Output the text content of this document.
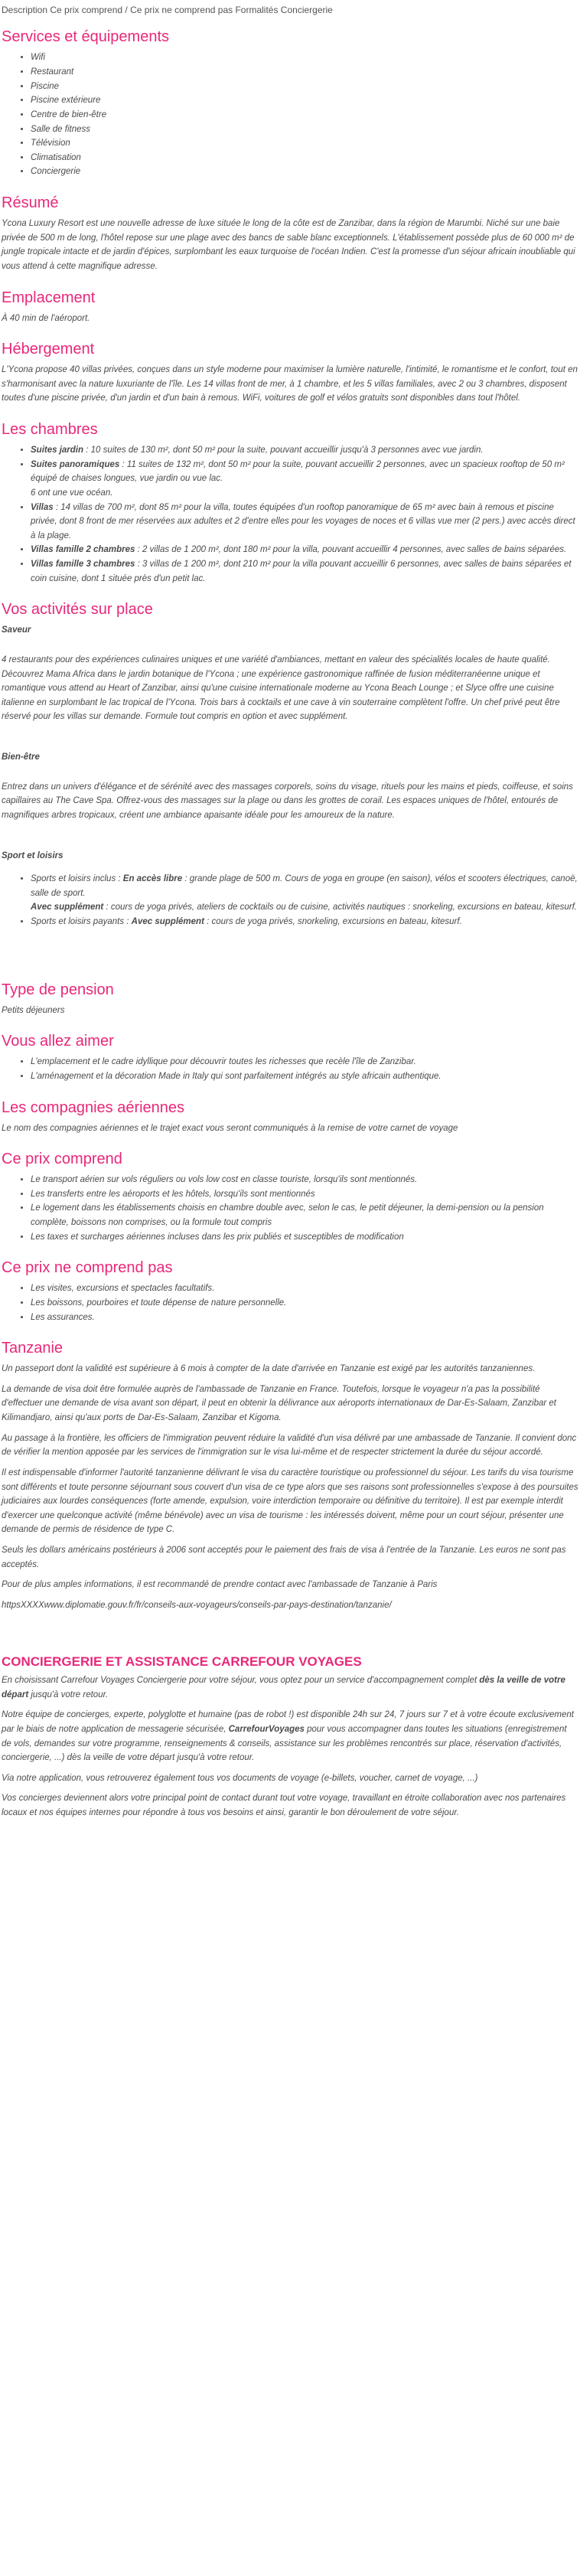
Description Ce prix comprend / Ce prix ne comprend pas Formalités Conciergerie
Services et équipements
• Wifi
• Restaurant
• Piscine
• Piscine extérieure
• Centre de bien-être
• Salle de fitness
• Télévision
• Climatisation
• Conciergerie
Résumé

Ycona Luxury Resort est une nouvelle adresse de luxe située le long de la côte est de Zanzibar, dans la région de Marumbi. Niché sur une baie privée de 500 m de long, l'hôtel repose sur une plage avec des bancs de sable blanc exceptionnels. L'établissement possède plus de 60 000 m² de jungle tropicale intacte et de jardin d'épices, surplombant les eaux turquoise de l'océan Indien. C'est la promesse d'un séjour africain inoubliable qui vous attend à cette magnifique adresse.

Emplacement

À 40 min de l'aéroport.

Hébergement

L'Ycona propose 40 villas privées, conçues dans un style moderne pour maximiser la lumière naturelle, l'intimité, le romantisme et le confort, tout en s'harmonisant avec la nature luxuriante de l'île. Les 14 villas front de mer, à 1 chambre, et les 5 villas familiales, avec 2 ou 3 chambres, disposent toutes d'une piscine privée, d'un jardin et d'un bain à remous. WiFi, voitures de golf et vélos gratuits sont disponibles dans tout l'hôtel.

Les chambres
• Suites jardin : 10 suites de 130 m², dont 50 m² pour la suite, pouvant accueillir jusqu'à 3 personnes avec vue jardin.
• Suites panoramiques : 11 suites de 132 m², dont 50 m² pour la suite, pouvant accueillir 2 personnes, avec un spacieux rooftop de 50 m² équipé de chaises longues, vue jardin ou vue lac.
6 ont une vue océan.
• Villas : 14 villas de 700 m², dont 85 m² pour la villa, toutes équipées d'un rooftop panoramique de 65 m² avec bain à remous et piscine privée, dont 8 front de mer réservées aux adultes et 2 d'entre elles pour les voyages de noces et 6 villas vue mer (2 pers.) avec accès direct à la plage.
• Villas famille 2 chambres : 2 villas de 1 200 m², dont 180 m² pour la villa, pouvant accueillir 4 personnes, avec salles de bains séparées.
• Villas famille 3 chambres : 3 villas de 1 200 m², dont 210 m² pour la villa pouvant accueillir 6 personnes, avec salles de bains séparées et coin cuisine, dont 1 située près d'un petit lac.
Vos activités sur place
Saveur

4 restaurants pour des expériences culinaires uniques et une variété d'ambiances, mettant en valeur des spécialités locales de haute qualité. Découvrez Mama Africa dans le jardin botanique de l'Ycona ; une expérience gastronomique raffinée de fusion méditerranéenne unique et romantique vous attend au Heart of Zanzibar, ainsi qu'une cuisine internationale moderne au Ycona Beach Lounge ; et Slyce offre une cuisine italienne en surplombant le lac tropical de l'Ycona. Trois bars à cocktails et une cave à vin souterraine complètent l'offre. Un chef privé peut être réservé pour les villas sur demande. Formule tout compris en option et avec supplément.

Bien-être

Entrez dans un univers d'élégance et de sérénité avec des massages corporels, soins du visage, rituels pour les mains et pieds, coiffeuse, et soins capillaires au The Cave Spa. Offrez-vous des massages sur la plage ou dans les grottes de corail. Les espaces uniques de l'hôtel, entourés de magnifiques arbres tropicaux, créent une ambiance apaisante idéale pour les amoureux de la nature.

Sport et loisirs
• Sports et loisirs inclus : En accès libre : grande plage de 500 m. Cours de yoga en groupe (en saison), vélos et scooters électriques, canoë, salle de sport.
Avec supplément : cours de yoga privés, ateliers de cocktails ou de cuisine, activités nautiques : snorkeling, excursions en bateau, kitesurf.
• Sports et loisirs payants : Avec supplément : cours de yoga privés, snorkeling, excursions en bateau, kitesurf.
Type de pension

Petits déjeuners

Vous allez aimer
• L'emplacement et le cadre idyllique pour découvrir toutes les richesses que recèle l'île de Zanzibar.
• L'aménagement et la décoration Made in Italy qui sont parfaitement intégrés au style africain authentique.
Les compagnies aériennes

Le nom des compagnies aériennes et le trajet exact vous seront communiqués à la remise de votre carnet de voyage

Ce prix comprend
• Le transport aérien sur vols réguliers ou vols low cost en classe touriste, lorsqu'ils sont mentionnés.
• Les transferts entre les aéroports et les hôtels, lorsqu'ils sont mentionnés
• Le logement dans les établissements choisis en chambre double avec, selon le cas, le petit déjeuner, la demi-pension ou la pension complète, boissons non comprises, ou la formule tout compris
• Les taxes et surcharges aériennes incluses dans les prix publiés et susceptibles de modification
Ce prix ne comprend pas
• Les visites, excursions et spectacles facultatifs.
• Les boissons, pourboires et toute dépense de nature personnelle.
• Les assurances.
Tanzanie

Un passeport dont la validité est supérieure à 6 mois à compter de la date d'arrivée en Tanzanie est exigé par les autorités tanzaniennes.

La demande de visa doit être formulée auprès de l'ambassade de Tanzanie en France. Toutefois, lorsque le voyageur n'a pas la possibilité d'effectuer une demande de visa avant son départ, il peut en obtenir la délivrance aux aéroports internationaux de Dar-Es-Salaam, Zanzibar et Kilimandjaro, ainsi qu'aux ports de Dar-Es-Salaam, Zanzibar et Kigoma.

Au passage à la frontière, les officiers de l'immigration peuvent réduire la validité d'un visa délivré par une ambassade de Tanzanie. Il convient donc de vérifier la mention apposée par les services de l'immigration sur le visa lui-même et de respecter strictement la durée du séjour accordé.

Il est indispensable d'informer l'autorité tanzanienne délivrant le visa du caractère touristique ou professionnel du séjour. Les tarifs du visa tourisme sont différents et toute personne séjournant sous couvert d'un visa de ce type alors que ses raisons sont professionnelles s'expose à des poursuites judiciaires aux lourdes conséquences (forte amende, expulsion, voire interdiction temporaire ou définitive du territoire). Il est par exemple interdit d'exercer une quelconque activité (même bénévole) avec un visa de tourisme : les intéressés doivent, même pour un court séjour, présenter une demande de permis de résidence de type C.

Seuls les dollars américains postérieurs à 2006 sont acceptés pour le paiement des frais de visa à l'entrée de la Tanzanie. Les euros ne sont pas acceptés.

Pour de plus amples informations, il est recommandé de prendre contact avec l'ambassade de Tanzanie à Paris

httpsXXXXwww.diplomatie.gouv.fr/fr/conseils-aux-voyageurs/conseils-par-pays-destination/tanzanie/

CONCIERGERIE ET ASSISTANCE CARREFOUR VOYAGES

En choisissant Carrefour Voyages Conciergerie pour votre séjour, vous optez pour un service d'accompagnement complet dès la veille de votre départ jusqu'à votre retour.

Notre équipe de concierges, experte, polyglotte et humaine (pas de robot !) est disponible 24h sur 24, 7 jours sur 7 et à votre écoute exclusivement par le biais de notre application de messagerie sécurisée, CarrefourVoyages pour vous accompagner dans toutes les situations (enregistrement de vols, demandes sur votre programme, renseignements & conseils, assistance sur les problèmes rencontrés sur place, réservation d'activités, conciergerie, ...) dès la veille de votre départ jusqu'à votre retour.

Via notre application, vous retrouverez également tous vos documents de voyage (e-billets, voucher, carnet de voyage, ...)

Vos concierges deviennent alors votre principal point de contact durant tout votre voyage, travaillant en étroite collaboration avec nos partenaires locaux et nos équipes internes pour répondre à tous vos besoins et ainsi, garantir le bon déroulement de votre séjour.
